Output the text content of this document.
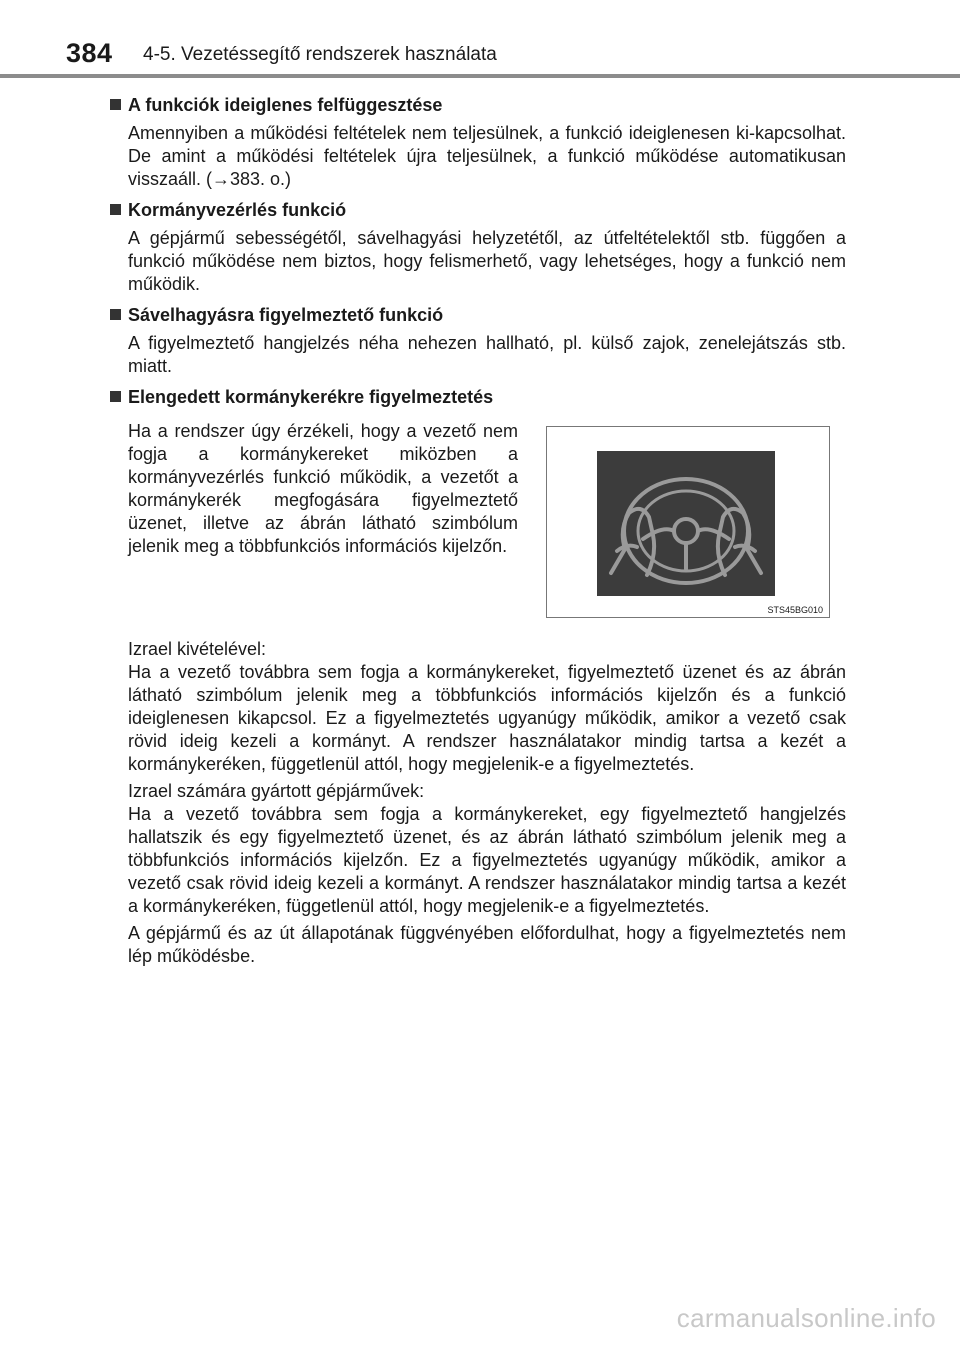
384 4-5. Vezetéssegítő rendszerek használata
A funkciók ideiglenes felfüggesztése

Amennyiben a működési feltételek nem teljesülnek, a funkció ideiglenesen ki-kapcsolhat. De amint a működési feltételek újra teljesülnek, a funkció működése automatikusan visszaáll. (→383. o.)

Kormányvezérlés funkció

A gépjármű sebességétől, sávelhagyási helyzetétől, az útfeltételektől stb. függően a funkció működése nem biztos, hogy felismerhető, vagy lehetséges, hogy a funkció nem működik.

Sávelhagyásra figyelmeztető funkció

A figyelmeztető hangjelzés néha nehezen hallható, pl. külső zajok, zenelejátszás stb. miatt.

Elengedett kormánykerékre figyelmeztetés

Ha a rendszer úgy érzékeli, hogy a vezető nem fogja a kormánykereket miközben a kormányvezérlés funkció működik, a vezetőt a kormánykerék megfogására figyelmeztető üzenet, illetve az ábrán látható szimbólum jelenik meg a többfunkciós információs kijelzőn.

STS45BG010

Izrael kivételével:

Ha a vezető továbbra sem fogja a kormánykereket, figyelmeztető üzenet és az ábrán látható szimbólum jelenik meg a többfunkciós információs kijelzőn és a funkció ideiglenesen kikapcsol. Ez a figyelmeztetés ugyanúgy működik, amikor a vezető csak rövid ideig kezeli a kormányt. A rendszer használatakor mindig tartsa a kezét a kormánykeréken, függetlenül attól, hogy megjelenik-e a figyelmeztetés.

Izrael számára gyártott gépjárművek:

Ha a vezető továbbra sem fogja a kormánykereket, egy figyelmeztető hangjelzés hallatszik és egy figyelmeztető üzenet, és az ábrán látható szimbólum jelenik meg a többfunkciós információs kijelzőn. Ez a figyelmeztetés ugyanúgy működik, amikor a vezető csak rövid ideig kezeli a kormányt. A rendszer használatakor mindig tartsa a kezét a kormánykeréken, függetlenül attól, hogy megjelenik-e a figyelmeztetés.

A gépjármű és az út állapotának függvényében előfordulhat, hogy a figyelmeztetés nem lép működésbe.

carmanualsonline.info
